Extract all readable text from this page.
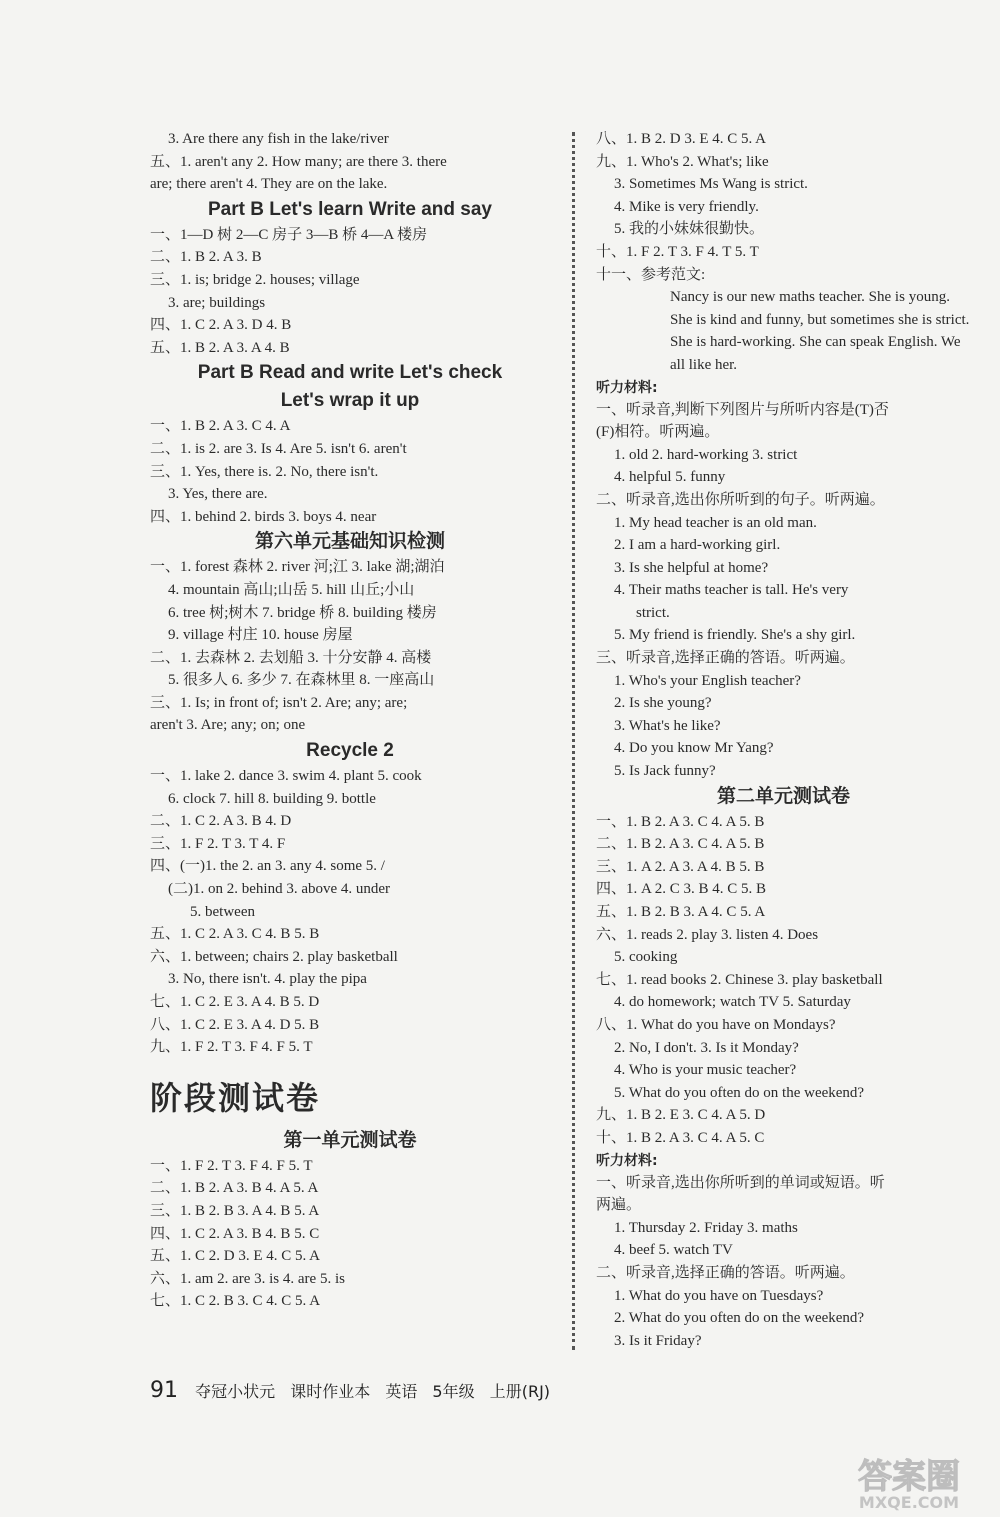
3. Are there any fish in the lake/river
五、1. aren't any 2. How many; are there 3. there
are; there aren't 4. They are on the lake.
Part B Let's learn Write and say
一、1—D 树 2—C 房子 3—B 桥 4—A 楼房
二、1. B 2. A 3. B
三、1. is; bridge 2. houses; village
3. are; buildings
四、1. C 2. A 3. D 4. B
五、1. B 2. A 3. A 4. B
Part B Read and write Let's check
Let's wrap it up
一、1. B 2. A 3. C 4. A
二、1. is 2. are 3. Is 4. Are 5. isn't 6. aren't
三、1. Yes, there is. 2. No, there isn't.
3. Yes, there are.
四、1. behind 2. birds 3. boys 4. near
第六单元基础知识检测
一、1. forest 森林 2. river 河;江 3. lake 湖;湖泊
4. mountain 高山;山岳 5. hill 山丘;小山
6. tree 树;树木 7. bridge 桥 8. building 楼房
9. village 村庄 10. house 房屋
二、1. 去森林 2. 去划船 3. 十分安静 4. 高楼
5. 很多人 6. 多少 7. 在森林里 8. 一座高山
三、1. Is; in front of; isn't 2. Are; any; are;
aren't 3. Are; any; on; one
Recycle 2
一、1. lake 2. dance 3. swim 4. plant 5. cook
6. clock 7. hill 8. building 9. bottle
二、1. C 2. A 3. B 4. D
三、1. F 2. T 3. T 4. F
四、(一)1. the 2. an 3. any 4. some 5. /
(二)1. on 2. behind 3. above 4. under
5. between
五、1. C 2. A 3. C 4. B 5. B
六、1. between; chairs 2. play basketball
3. No, there isn't. 4. play the pipa
七、1. C 2. E 3. A 4. B 5. D
八、1. C 2. E 3. A 4. D 5. B
九、1. F 2. T 3. F 4. F 5. T
阶段测试卷
第一单元测试卷
一、1. F 2. T 3. F 4. F 5. T
二、1. B 2. A 3. B 4. A 5. A
三、1. B 2. B 3. A 4. B 5. A
四、1. C 2. A 3. B 4. B 5. C
五、1. C 2. D 3. E 4. C 5. A
六、1. am 2. are 3. is 4. are 5. is
七、1. C 2. B 3. C 4. C 5. A
八、1. B 2. D 3. E 4. C 5. A
九、1. Who's 2. What's; like
3. Sometimes Ms Wang is strict.
4. Mike is very friendly.
5. 我的小妹妹很勤快。
十、1. F 2. T 3. F 4. T 5. T
十一、参考范文:
Nancy is our new maths teacher. She is young. She is kind and funny, but sometimes she is strict. She is hard-working. She can speak English. We all like her.
听力材料:
一、听录音,判断下列图片与所听内容是(T)否
(F)相符。听两遍。
1. old 2. hard-working 3. strict
4. helpful 5. funny
二、听录音,选出你所听到的句子。听两遍。
1. My head teacher is an old man.
2. I am a hard-working girl.
3. Is she helpful at home?
4. Their maths teacher is tall. He's very
strict.
5. My friend is friendly. She's a shy girl.
三、听录音,选择正确的答语。听两遍。
1. Who's your English teacher?
2. Is she young?
3. What's he like?
4. Do you know Mr Yang?
5. Is Jack funny?
第二单元测试卷
一、1. B 2. A 3. C 4. A 5. B
二、1. B 2. A 3. C 4. A 5. B
三、1. A 2. A 3. A 4. B 5. B
四、1. A 2. C 3. B 4. C 5. B
五、1. B 2. B 3. A 4. C 5. A
六、1. reads 2. play 3. listen 4. Does
5. cooking
七、1. read books 2. Chinese 3. play basketball
4. do homework; watch TV 5. Saturday
八、1. What do you have on Mondays?
2. No, I don't. 3. Is it Monday?
4. Who is your music teacher?
5. What do you often do on the weekend?
九、1. B 2. E 3. C 4. A 5. D
十、1. B 2. A 3. C 4. A 5. C
听力材料:
一、听录音,选出你所听到的单词或短语。听
两遍。
1. Thursday 2. Friday 3. maths
4. beef 5. watch TV
二、听录音,选择正确的答语。听两遍。
1. What do you have on Tuesdays?
2. What do you often do on the weekend?
3. Is it Friday?
91 夺冠小状元 课时作业本 英语 5年级 上册(RJ)
答案圈
MXQE.COM
